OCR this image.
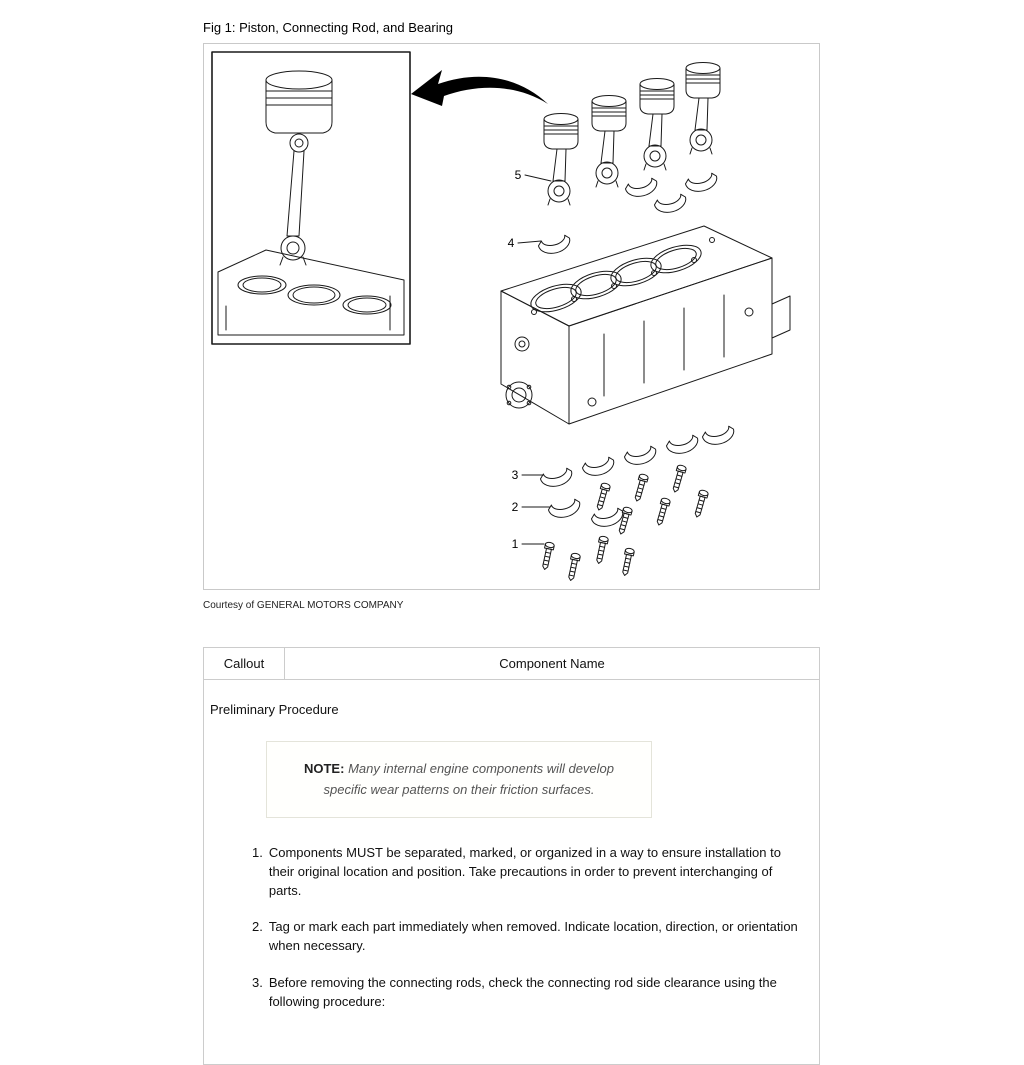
Fig 1: Piston, Connecting Rod, and Bearing
5
4
3
2
1
Courtesy of GENERAL MOTORS COMPANY
Callout	Component Name
Preliminary Procedure
NOTE: Many internal engine components will develop specific wear patterns on their friction surfaces.
1. Components MUST be separated, marked, or organized in a way to ensure installation to their original location and position. Take precautions in order to prevent interchanging of parts.
2. Tag or mark each part immediately when removed. Indicate location, direction, or orientation when necessary.
3. Before removing the connecting rods, check the connecting rod side clearance using the following procedure:
